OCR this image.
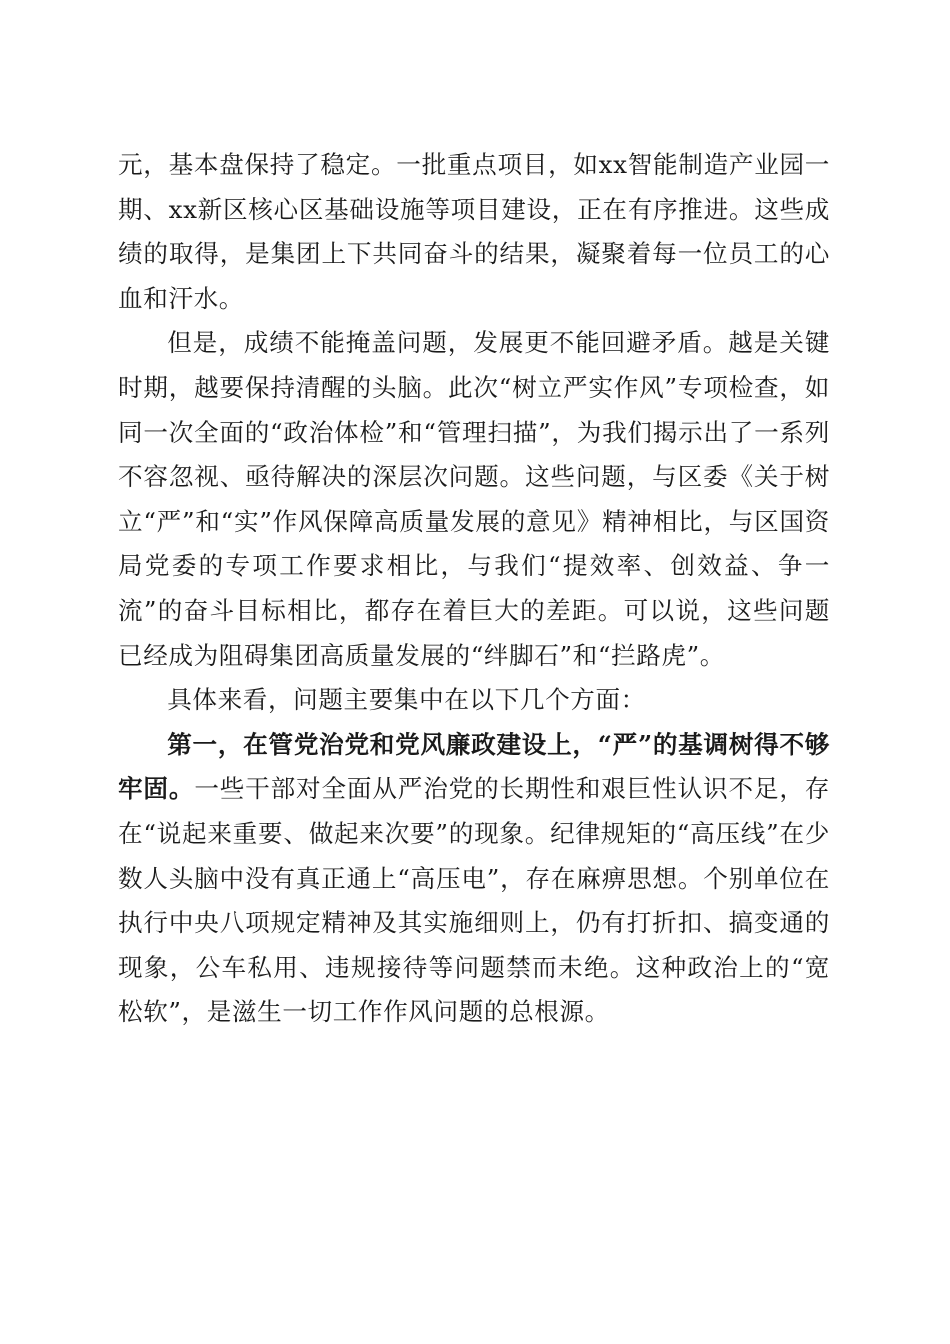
元，基本盘保持了稳定。一批重点项目，如xx智能制造产业园一期、xx新区核心区基础设施等项目建设，正在有序推进。这些成绩的取得，是集团上下共同奋斗的结果，凝聚着每一位员工的心血和汗水。

但是，成绩不能掩盖问题，发展更不能回避矛盾。越是关键时期，越要保持清醒的头脑。此次“树立严实作风”专项检查，如同一次全面的“政治体检”和“管理扫描”，为我们揭示出了一系列不容忽视、亟待解决的深层次问题。这些问题，与区委《关于树立“严”和“实”作风保障高质量发展的意见》精神相比，与区国资局党委的专项工作要求相比，与我们“提效率、创效益、争一流”的奋斗目标相比，都存在着巨大的差距。可以说，这些问题已经成为阻碍集团高质量发展的“绊脚石”和“拦路虎”。

具体来看，问题主要集中在以下几个方面：

第一，在管党治党和党风廉政建设上，“严”的基调树得不够牢固。一些干部对全面从严治党的长期性和艰巨性认识不足，存在“说起来重要、做起来次要”的现象。纪律规矩的“高压线”在少数人头脑中没有真正通上“高压电”，存在麻痹思想。个别单位在执行中央八项规定精神及其实施细则上，仍有打折扣、搞变通的现象，公车私用、违规接待等问题禁而未绝。这种政治上的“宽松软”，是滋生一切工作作风问题的总根源。
